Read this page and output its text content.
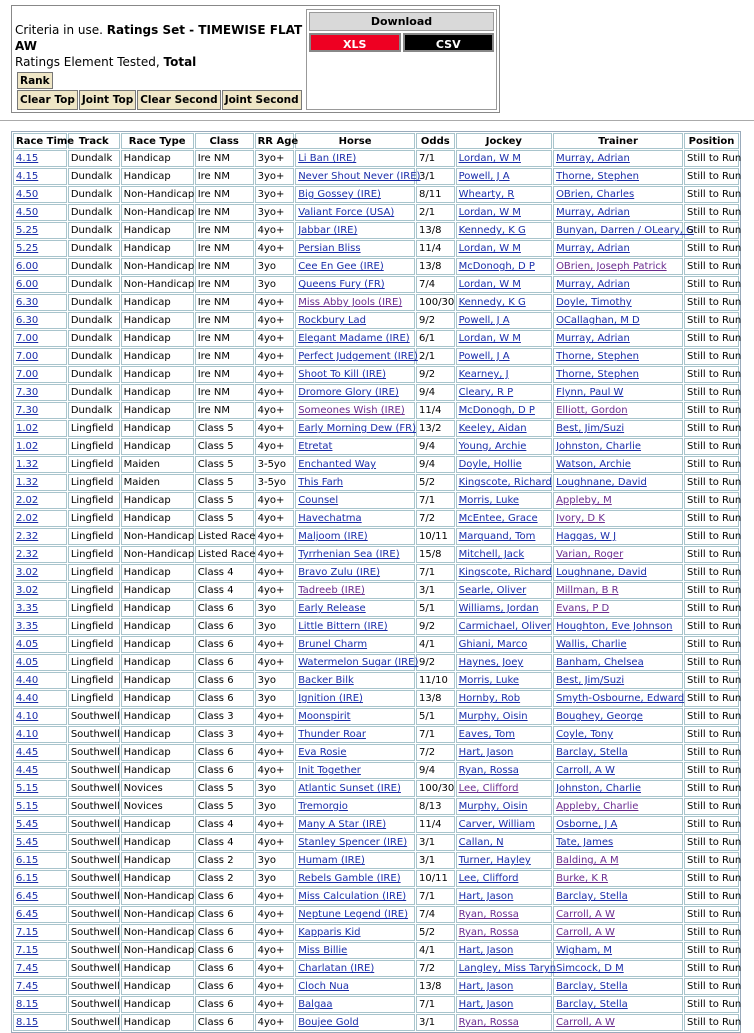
Criteria in use. Ratings Set - TIMEWISE FLAT AW
Ratings Element Tested, Total
Rank
Clear Top Joint Top Clear Second Joint Second
Download
XLS	CSV
Race Time	Track	Race Type	Class	RR Age	Horse	Odds	Jockey	Trainer	Position
4.15	Dundalk	Handicap	Ire NM	3yo+	Li Ban (IRE)	7/1	Lordan, W M	Murray, Adrian	Still to Run
4.15	Dundalk	Handicap	Ire NM	3yo+	Never Shout Never (IRE)	3/1	Powell, J A	Thorne, Stephen	Still to Run
4.50	Dundalk	Non-Handicap	Ire NM	3yo+	Big Gossey (IRE)	8/11	Whearty, R	OBrien, Charles	Still to Run
4.50	Dundalk	Non-Handicap	Ire NM	3yo+	Valiant Force (USA)	2/1	Lordan, W M	Murray, Adrian	Still to Run
5.25	Dundalk	Handicap	Ire NM	4yo+	Jabbar (IRE)	13/8	Kennedy, K G	Bunyan, Darren / OLeary, G	Still to Run
5.25	Dundalk	Handicap	Ire NM	4yo+	Persian Bliss	11/4	Lordan, W M	Murray, Adrian	Still to Run
6.00	Dundalk	Non-Handicap	Ire NM	3yo	Cee En Gee (IRE)	13/8	McDonogh, D P	OBrien, Joseph Patrick	Still to Run
6.00	Dundalk	Non-Handicap	Ire NM	3yo	Queens Fury (FR)	7/4	Lordan, W M	Murray, Adrian	Still to Run
6.30	Dundalk	Handicap	Ire NM	4yo+	Miss Abby Jools (IRE)	100/30	Kennedy, K G	Doyle, Timothy	Still to Run
6.30	Dundalk	Handicap	Ire NM	4yo+	Rockbury Lad	9/2	Powell, J A	OCallaghan, M D	Still to Run
7.00	Dundalk	Handicap	Ire NM	4yo+	Elegant Madame (IRE)	6/1	Lordan, W M	Murray, Adrian	Still to Run
7.00	Dundalk	Handicap	Ire NM	4yo+	Perfect Judgement (IRE)	2/1	Powell, J A	Thorne, Stephen	Still to Run
7.00	Dundalk	Handicap	Ire NM	4yo+	Shoot To Kill (IRE)	9/2	Kearney, J	Thorne, Stephen	Still to Run
7.30	Dundalk	Handicap	Ire NM	4yo+	Dromore Glory (IRE)	9/4	Cleary, R P	Flynn, Paul W	Still to Run
7.30	Dundalk	Handicap	Ire NM	4yo+	Someones Wish (IRE)	11/4	McDonogh, D P	Elliott, Gordon	Still to Run
1.02	Lingfield	Handicap	Class 5	4yo+	Early Morning Dew (FR)	13/2	Keeley, Aidan	Best, Jim/Suzi	Still to Run
1.02	Lingfield	Handicap	Class 5	4yo+	Etretat	9/4	Young, Archie	Johnston, Charlie	Still to Run
1.32	Lingfield	Maiden	Class 5	3-5yo	Enchanted Way	9/4	Doyle, Hollie	Watson, Archie	Still to Run
1.32	Lingfield	Maiden	Class 5	3-5yo	This Farh	5/2	Kingscote, Richard	Loughnane, David	Still to Run
2.02	Lingfield	Handicap	Class 5	4yo+	Counsel	7/1	Morris, Luke	Appleby, M	Still to Run
2.02	Lingfield	Handicap	Class 5	4yo+	Havechatma	7/2	McEntee, Grace	Ivory, D K	Still to Run
2.32	Lingfield	Non-Handicap	Listed Race	4yo+	Maljoom (IRE)	10/11	Marquand, Tom	Haggas, W J	Still to Run
2.32	Lingfield	Non-Handicap	Listed Race	4yo+	Tyrrhenian Sea (IRE)	15/8	Mitchell, Jack	Varian, Roger	Still to Run
3.02	Lingfield	Handicap	Class 4	4yo+	Bravo Zulu (IRE)	7/1	Kingscote, Richard	Loughnane, David	Still to Run
3.02	Lingfield	Handicap	Class 4	4yo+	Tadreeb (IRE)	3/1	Searle, Oliver	Millman, B R	Still to Run
3.35	Lingfield	Handicap	Class 6	3yo	Early Release	5/1	Williams, Jordan	Evans, P D	Still to Run
3.35	Lingfield	Handicap	Class 6	3yo	Little Bittern (IRE)	9/2	Carmichael, Oliver	Houghton, Eve Johnson	Still to Run
4.05	Lingfield	Handicap	Class 6	4yo+	Brunel Charm	4/1	Ghiani, Marco	Wallis, Charlie	Still to Run
4.05	Lingfield	Handicap	Class 6	4yo+	Watermelon Sugar (IRE)	9/2	Haynes, Joey	Banham, Chelsea	Still to Run
4.40	Lingfield	Handicap	Class 6	3yo	Backer Bilk	11/10	Morris, Luke	Best, Jim/Suzi	Still to Run
4.40	Lingfield	Handicap	Class 6	3yo	Ignition (IRE)	13/8	Hornby, Rob	Smyth-Osbourne, Edward	Still to Run
4.10	Southwell	Handicap	Class 3	4yo+	Moonspirit	5/1	Murphy, Oisin	Boughey, George	Still to Run
4.10	Southwell	Handicap	Class 3	4yo+	Thunder Roar	7/1	Eaves, Tom	Coyle, Tony	Still to Run
4.45	Southwell	Handicap	Class 6	4yo+	Eva Rosie	7/2	Hart, Jason	Barclay, Stella	Still to Run
4.45	Southwell	Handicap	Class 6	4yo+	Init Together	9/4	Ryan, Rossa	Carroll, A W	Still to Run
5.15	Southwell	Novices	Class 5	3yo	Atlantic Sunset (IRE)	100/30	Lee, Clifford	Johnston, Charlie	Still to Run
5.15	Southwell	Novices	Class 5	3yo	Tremorgio	8/13	Murphy, Oisin	Appleby, Charlie	Still to Run
5.45	Southwell	Handicap	Class 4	4yo+	Many A Star (IRE)	11/4	Carver, William	Osborne, J A	Still to Run
5.45	Southwell	Handicap	Class 4	4yo+	Stanley Spencer (IRE)	3/1	Callan, N	Tate, James	Still to Run
6.15	Southwell	Handicap	Class 2	3yo	Humam (IRE)	3/1	Turner, Hayley	Balding, A M	Still to Run
6.15	Southwell	Handicap	Class 2	3yo	Rebels Gamble (IRE)	10/11	Lee, Clifford	Burke, K R	Still to Run
6.45	Southwell	Non-Handicap	Class 6	4yo+	Miss Calculation (IRE)	7/1	Hart, Jason	Barclay, Stella	Still to Run
6.45	Southwell	Non-Handicap	Class 6	4yo+	Neptune Legend (IRE)	7/4	Ryan, Rossa	Carroll, A W	Still to Run
7.15	Southwell	Non-Handicap	Class 6	4yo+	Kapparis Kid	5/2	Ryan, Rossa	Carroll, A W	Still to Run
7.15	Southwell	Non-Handicap	Class 6	4yo+	Miss Billie	4/1	Hart, Jason	Wigham, M	Still to Run
7.45	Southwell	Handicap	Class 6	4yo+	Charlatan (IRE)	7/2	Langley, Miss Taryn	Simcock, D M	Still to Run
7.45	Southwell	Handicap	Class 6	4yo+	Cloch Nua	13/8	Hart, Jason	Barclay, Stella	Still to Run
8.15	Southwell	Handicap	Class 6	4yo+	Balgaa	7/1	Hart, Jason	Barclay, Stella	Still to Run
8.15	Southwell	Handicap	Class 6	4yo+	Boujee Gold	3/1	Ryan, Rossa	Carroll, A W	Still to Run
